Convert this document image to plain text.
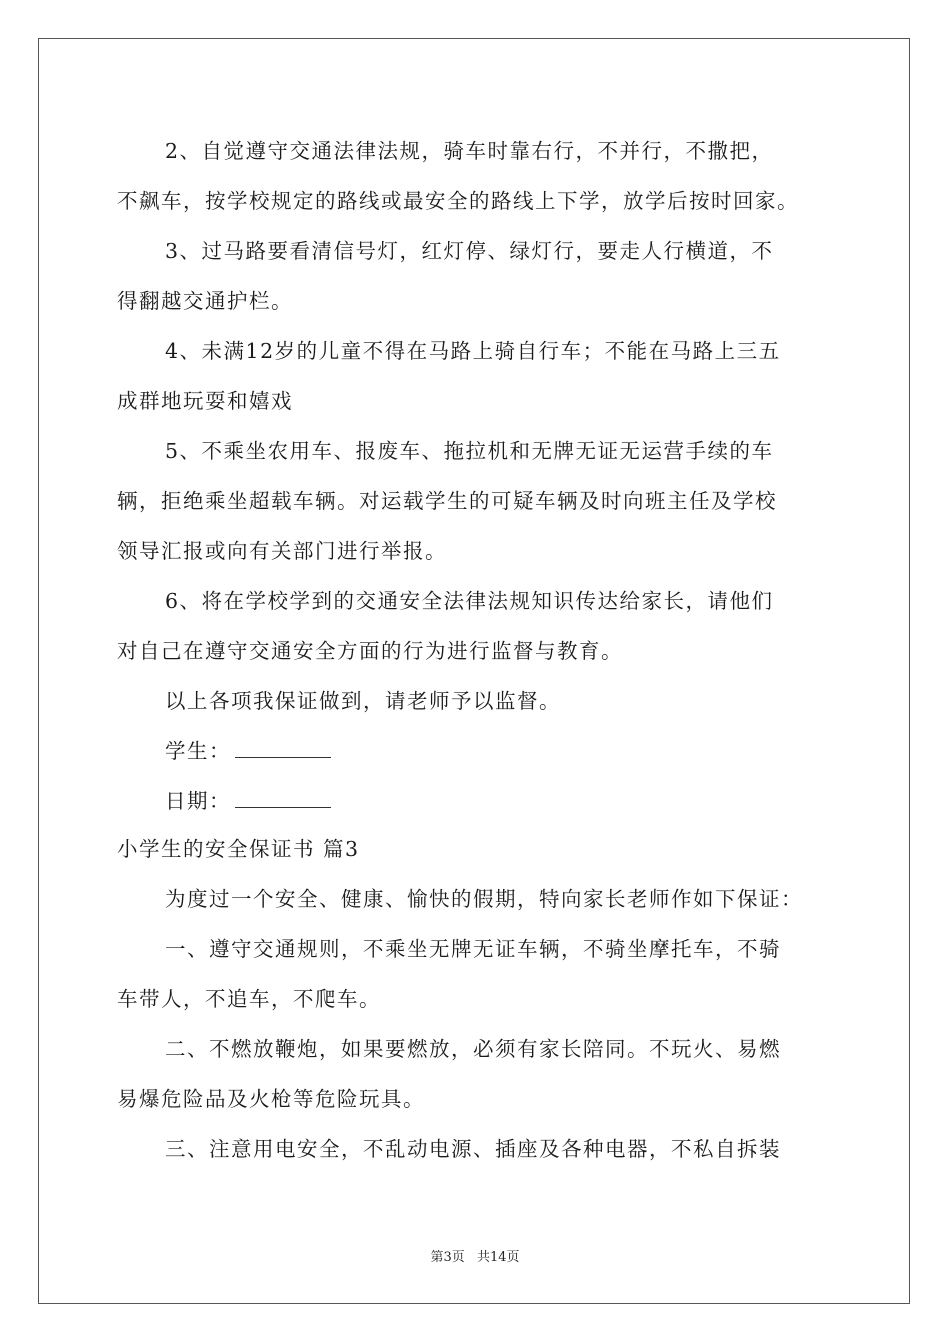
2、自觉遵守交通法律法规，骑车时靠右行，不并行，不撒把，
不飙车，按学校规定的路线或最安全的路线上下学，放学后按时回家。
3、过马路要看清信号灯，红灯停、绿灯行，要走人行横道，不
得翻越交通护栏。
4、未满12岁的儿童不得在马路上骑自行车；不能在马路上三五
成群地玩耍和嬉戏
5、不乘坐农用车、报废车、拖拉机和无牌无证无运营手续的车
辆，拒绝乘坐超载车辆。对运载学生的可疑车辆及时向班主任及学校
领导汇报或向有关部门进行举报。
6、将在学校学到的交通安全法律法规知识传达给家长，请他们
对自己在遵守交通安全方面的行为进行监督与教育。
以上各项我保证做到，请老师予以监督。
学生：
日期：
小学生的安全保证书 篇3
为度过一个安全、健康、愉快的假期，特向家长老师作如下保证：
一、遵守交通规则，不乘坐无牌无证车辆，不骑坐摩托车，不骑
车带人，不追车，不爬车。
二、不燃放鞭炮，如果要燃放，必须有家长陪同。不玩火、易燃
易爆危险品及火枪等危险玩具。
三、注意用电安全，不乱动电源、插座及各种电器，不私自拆装
第3页 共14页
